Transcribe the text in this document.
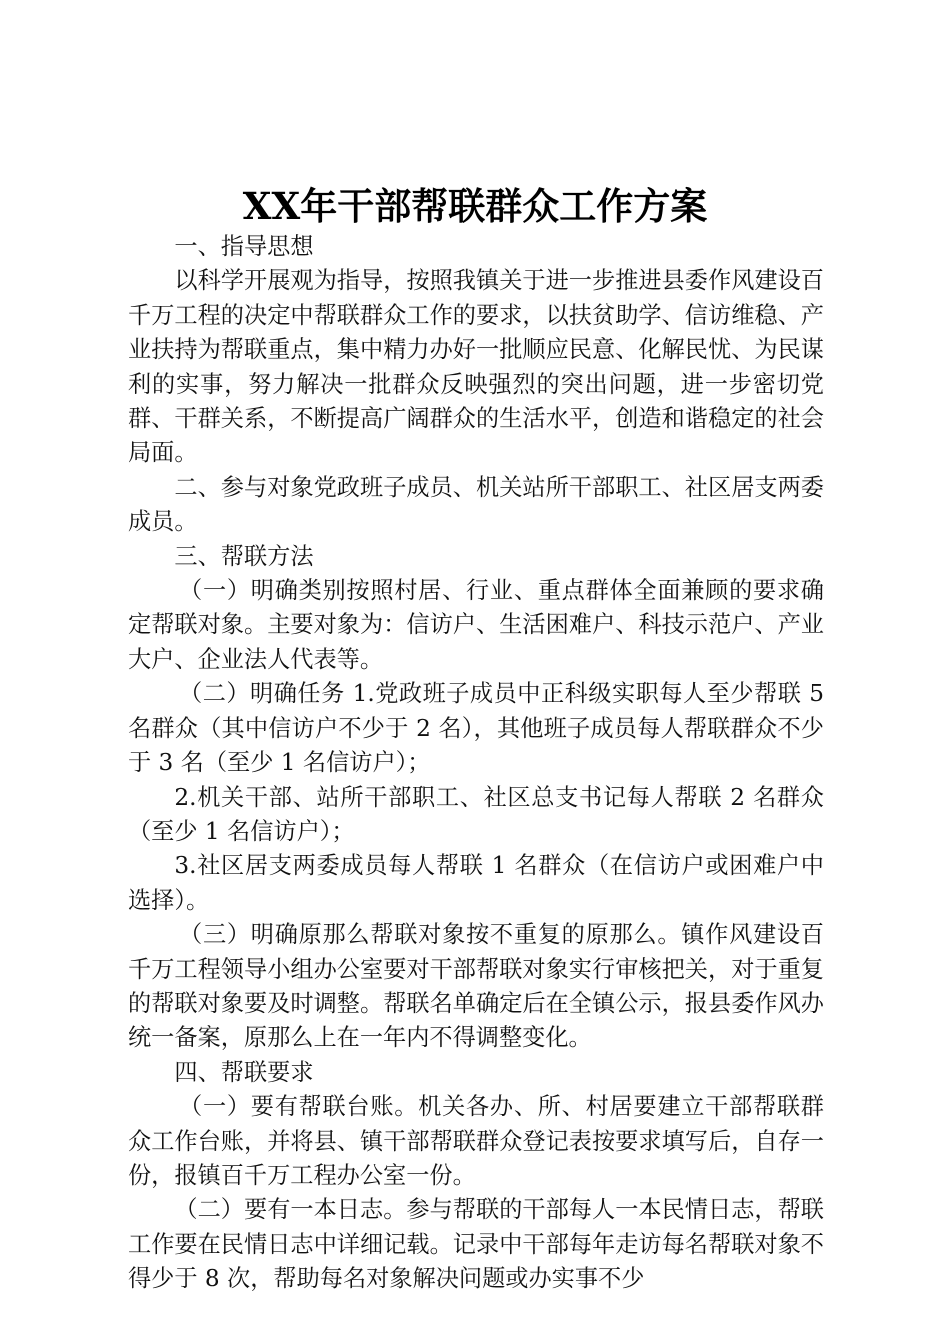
XX年干部帮联群众工作方案

一、指导思想

以科学开展观为指导，按照我镇关于进一步推进县委作风建设百千万工程的决定中帮联群众工作的要求，以扶贫助学、信访维稳、产业扶持为帮联重点，集中精力办好一批顺应民意、化解民忧、为民谋利的实事，努力解决一批群众反映强烈的突出问题，进一步密切党群、干群关系，不断提高广阔群众的生活水平，创造和谐稳定的社会局面。

二、参与对象党政班子成员、机关站所干部职工、社区居支两委成员。

三、帮联方法

（一）明确类别按照村居、行业、重点群体全面兼顾的要求确定帮联对象。主要对象为：信访户、生活困难户、科技示范户、产业大户、企业法人代表等。

（二）明确任务 1.党政班子成员中正科级实职每人至少帮联 5 名群众（其中信访户不少于 2 名），其他班子成员每人帮联群众不少于 3 名（至少 1 名信访户）；

2.机关干部、站所干部职工、社区总支书记每人帮联 2 名群众（至少 1 名信访户）；

3.社区居支两委成员每人帮联 1 名群众（在信访户或困难户中选择）。

（三）明确原那么帮联对象按不重复的原那么。镇作风建设百千万工程领导小组办公室要对干部帮联对象实行审核把关，对于重复的帮联对象要及时调整。帮联名单确定后在全镇公示，报县委作风办统一备案，原那么上在一年内不得调整变化。

四、帮联要求

（一）要有帮联台账。机关各办、所、村居要建立干部帮联群众工作台账，并将县、镇干部帮联群众登记表按要求填写后，自存一份，报镇百千万工程办公室一份。

（二）要有一本日志。参与帮联的干部每人一本民情日志，帮联工作要在民情日志中详细记载。记录中干部每年走访每名帮联对象不得少于 8 次，帮助每名对象解决问题或办实事不少
